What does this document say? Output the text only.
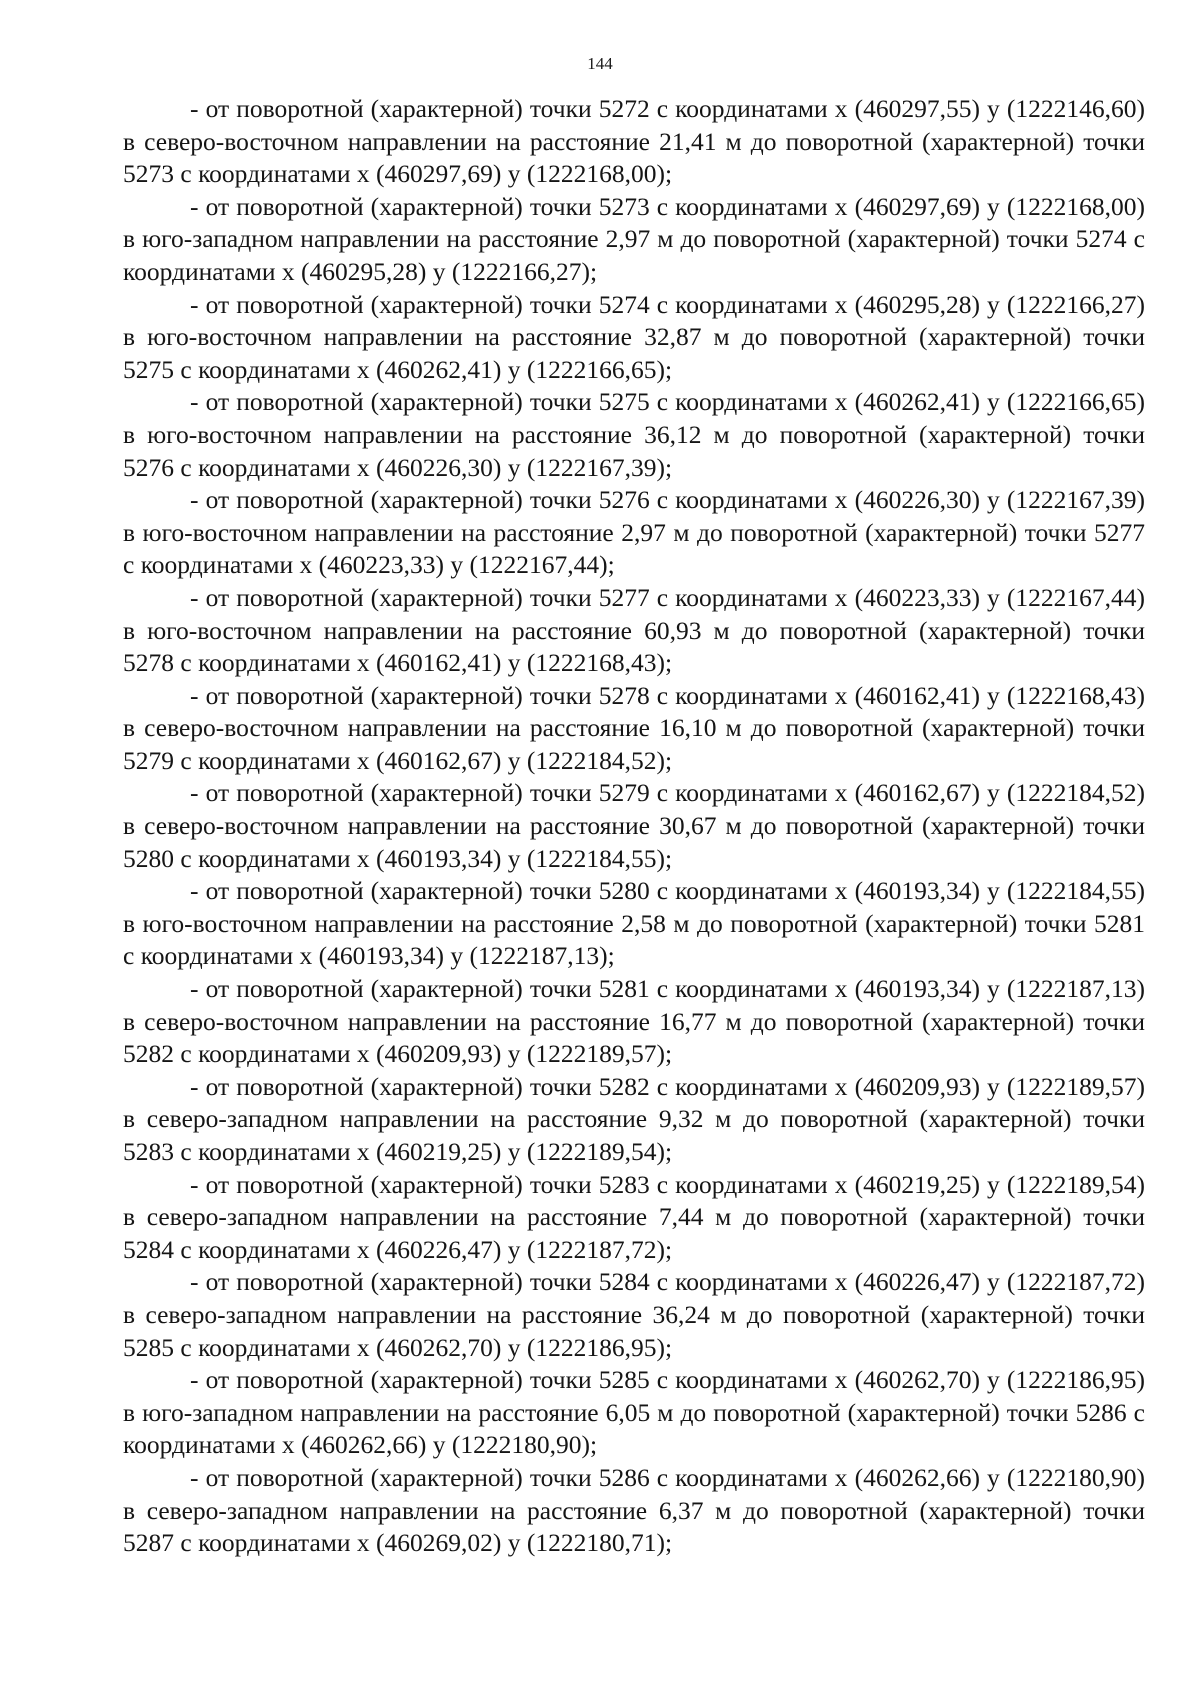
144

- от поворотной (характерной) точки 5272 с координатами x (460297,55) y (1222146,60) в северо-восточном направлении на расстояние 21,41 м до поворотной (характерной) точки 5273 с координатами x (460297,69) y (1222168,00);

- от поворотной (характерной) точки 5273 с координатами x (460297,69) y (1222168,00) в юго-западном направлении на расстояние 2,97 м до поворотной (характерной) точки 5274 с координатами x (460295,28) y (1222166,27);

- от поворотной (характерной) точки 5274 с координатами x (460295,28) y (1222166,27) в юго-восточном направлении на расстояние 32,87 м до поворотной (характерной) точки 5275 с координатами x (460262,41) y (1222166,65);

- от поворотной (характерной) точки 5275 с координатами x (460262,41) y (1222166,65) в юго-восточном направлении на расстояние 36,12 м до поворотной (характерной) точки 5276 с координатами x (460226,30) y (1222167,39);

- от поворотной (характерной) точки 5276 с координатами x (460226,30) y (1222167,39) в юго-восточном направлении на расстояние 2,97 м до поворотной (характерной) точки 5277 с координатами x (460223,33) y (1222167,44);

- от поворотной (характерной) точки 5277 с координатами x (460223,33) y (1222167,44) в юго-восточном направлении на расстояние 60,93 м до поворотной (характерной) точки 5278 с координатами x (460162,41) y (1222168,43);

- от поворотной (характерной) точки 5278 с координатами x (460162,41) y (1222168,43) в северо-восточном направлении на расстояние 16,10 м до поворотной (характерной) точки 5279 с координатами x (460162,67) y (1222184,52);

- от поворотной (характерной) точки 5279 с координатами x (460162,67) y (1222184,52) в северо-восточном направлении на расстояние 30,67 м до поворотной (характерной) точки 5280 с координатами x (460193,34) y (1222184,55);

- от поворотной (характерной) точки 5280 с координатами x (460193,34) y (1222184,55) в юго-восточном направлении на расстояние 2,58 м до поворотной (характерной) точки 5281 с координатами x (460193,34) y (1222187,13);

- от поворотной (характерной) точки 5281 с координатами x (460193,34) y (1222187,13) в северо-восточном направлении на расстояние 16,77 м до поворотной (характерной) точки 5282 с координатами x (460209,93) y (1222189,57);

- от поворотной (характерной) точки 5282 с координатами x (460209,93) y (1222189,57) в северо-западном направлении на расстояние 9,32 м до поворотной (характерной) точки 5283 с координатами x (460219,25) y (1222189,54);

- от поворотной (характерной) точки 5283 с координатами x (460219,25) y (1222189,54) в северо-западном направлении на расстояние 7,44 м до поворотной (характерной) точки 5284 с координатами x (460226,47) y (1222187,72);

- от поворотной (характерной) точки 5284 с координатами x (460226,47) y (1222187,72) в северо-западном направлении на расстояние 36,24 м до поворотной (характерной) точки 5285 с координатами x (460262,70) y (1222186,95);

- от поворотной (характерной) точки 5285 с координатами x (460262,70) y (1222186,95) в юго-западном направлении на расстояние 6,05 м до поворотной (характерной) точки 5286 с координатами x (460262,66) y (1222180,90);

- от поворотной (характерной) точки 5286 с координатами x (460262,66) y (1222180,90) в северо-западном направлении на расстояние 6,37 м до поворотной (характерной) точки 5287 с координатами x (460269,02) y (1222180,71);
